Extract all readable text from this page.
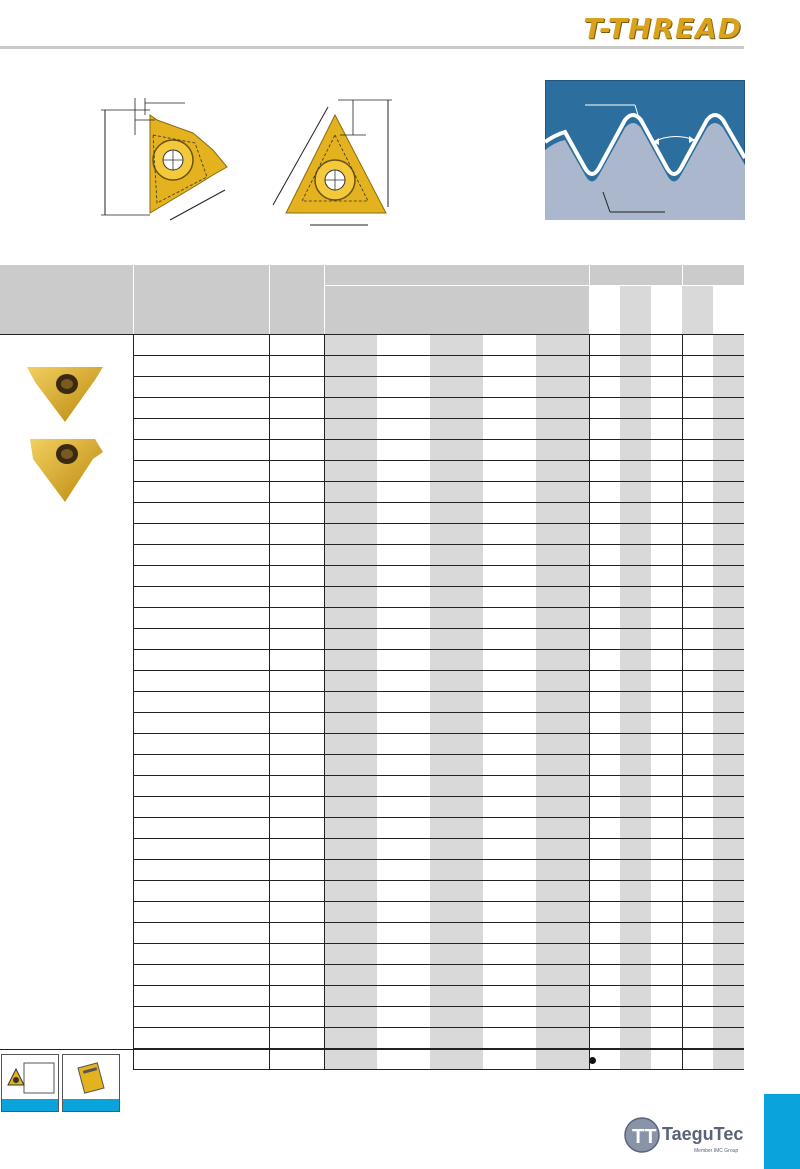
T-THREAD

TT TaeguTec
Member IMC Group
